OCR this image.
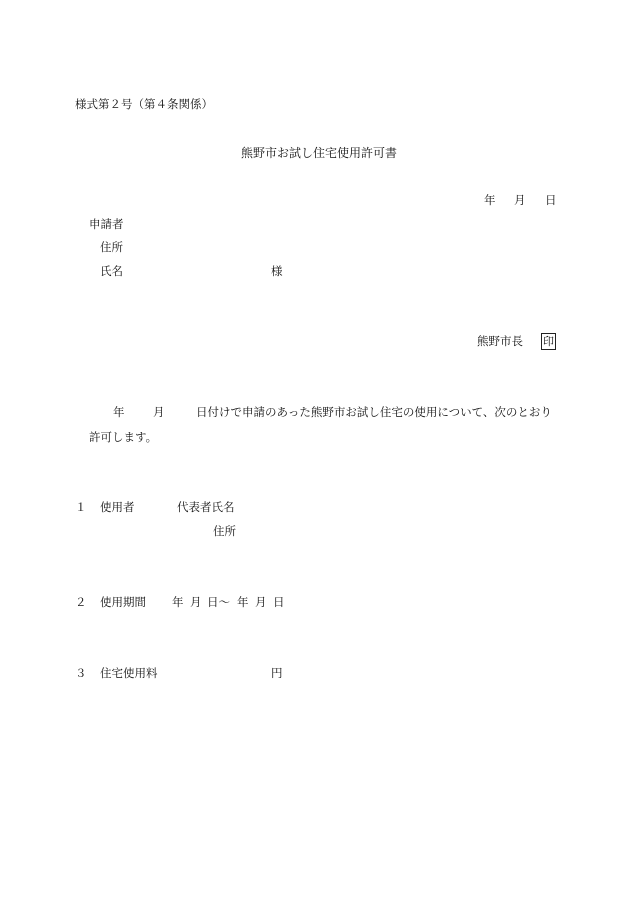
様式第２号（第４条関係）
熊野市お試し住宅使用許可書
年 月 日
申請者
住所
氏名	様
熊野市長 印
年 月	日付けで申請のあった熊野市お試し住宅の使用について、次のとおり
許可します。
１ 使用者	代表者氏名
住所
２ 使用期間 年 月 日〜 年 月 日
３ 住宅使用料	円
